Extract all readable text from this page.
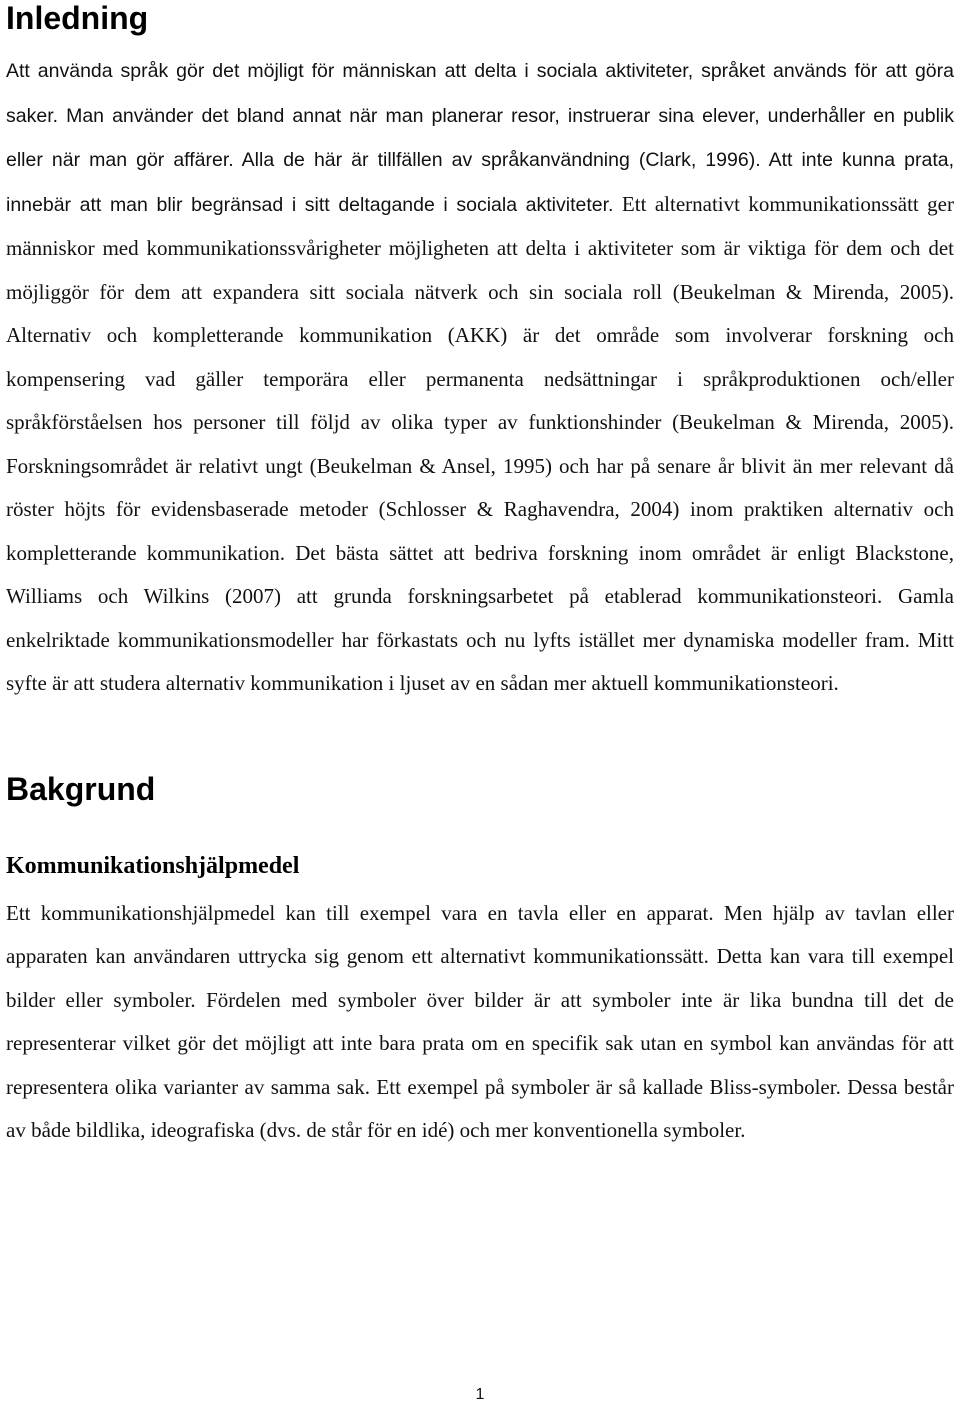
Inledning

Att använda språk gör det möjligt för människan att delta i sociala aktiviteter, språket används för att göra saker. Man använder det bland annat när man planerar resor, instruerar sina elever, underhåller en publik eller när man gör affärer. Alla de här är tillfällen av språkanvändning (Clark, 1996). Att inte kunna prata, innebär att man blir begränsad i sitt deltagande i sociala aktiviteter. Ett alternativt kommunikationssätt ger människor med kommunikationssvårigheter möjligheten att delta i aktiviteter som är viktiga för dem och det möjliggör för dem att expandera sitt sociala nätverk och sin sociala roll (Beukelman & Mirenda, 2005). Alternativ och kompletterande kommunikation (AKK) är det område som involverar forskning och kompensering vad gäller temporära eller permanenta nedsättningar i språkproduktionen och/eller språkförståelsen hos personer till följd av olika typer av funktionshinder (Beukelman & Mirenda, 2005). Forskningsområdet är relativt ungt (Beukelman & Ansel, 1995) och har på senare år blivit än mer relevant då röster höjts för evidensbaserade metoder (Schlosser & Raghavendra, 2004) inom praktiken alternativ och kompletterande kommunikation. Det bästa sättet att bedriva forskning inom området är enligt Blackstone, Williams och Wilkins (2007) att grunda forskningsarbetet på etablerad kommunikationsteori. Gamla enkelriktade kommunikationsmodeller har förkastats och nu lyfts istället mer dynamiska modeller fram. Mitt syfte är att studera alternativ kommunikation i ljuset av en sådan mer aktuell kommunikationsteori.

Bakgrund
Kommunikationshjälpmedel

Ett kommunikationshjälpmedel kan till exempel vara en tavla eller en apparat. Men hjälp av tavlan eller apparaten kan användaren uttrycka sig genom ett alternativt kommunikationssätt. Detta kan vara till exempel bilder eller symboler. Fördelen med symboler över bilder är att symboler inte är lika bundna till det de representerar vilket gör det möjligt att inte bara prata om en specifik sak utan en symbol kan användas för att representera olika varianter av samma sak. Ett exempel på symboler är så kallade Bliss-symboler. Dessa består av både bildlika, ideografiska (dvs. de står för en idé) och mer konventionella symboler.

1
